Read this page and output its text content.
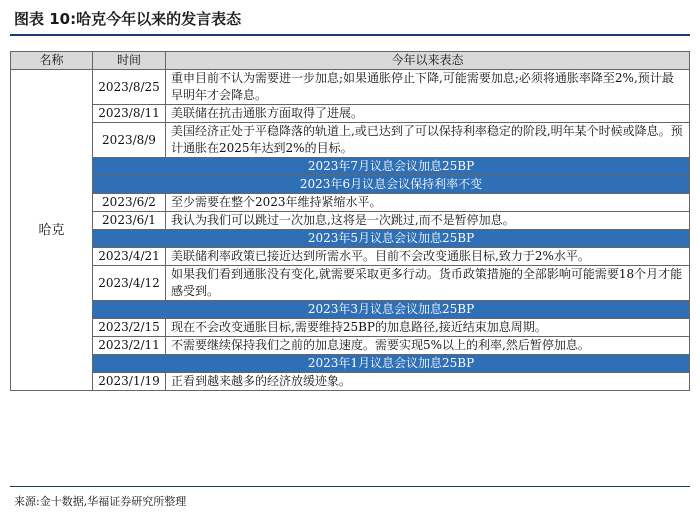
图表 10:哈克今年以来的发言表态
名称	时间	今年以来表态
哈克	2023/8/25	重申目前不认为需要进一步加息;如果通胀停止下降,可能需要加息;必须将通胀率降至2%,预计最早明年才会降息。
	2023/8/11	美联储在抗击通胀方面取得了进展。
	2023/8/9	美国经济正处于平稳降落的轨道上,或已达到了可以保持利率稳定的阶段,明年某个时候或降息。预计通胀在2025年达到2%的目标。
	2023年7月议息会议加息25BP	
	2023年6月议息会议保持利率不变	
	2023/6/2	至少需要在整个2023年维持紧缩水平。
	2023/6/1	我认为我们可以跳过一次加息,这将是一次跳过,而不是暂停加息。
	2023年5月议息会议加息25BP	
	2023/4/21	美联储利率政策已接近达到所需水平。目前不会改变通胀目标,致力于2%水平。
	2023/4/12	如果我们看到通胀没有变化,就需要采取更多行动。货币政策措施的全部影响可能需要18个月才能感受到。
	2023年3月议息会议加息25BP	
	2023/2/15	现在不会改变通胀目标,需要维持25BP的加息路径,接近结束加息周期。
	2023/2/11	不需要继续保持我们之前的加息速度。需要实现5%以上的利率,然后暂停加息。
	2023年1月议息会议加息25BP	
	2023/1/19	正看到越来越多的经济放缓迹象。
来源:金十数据,华福证券研究所整理
